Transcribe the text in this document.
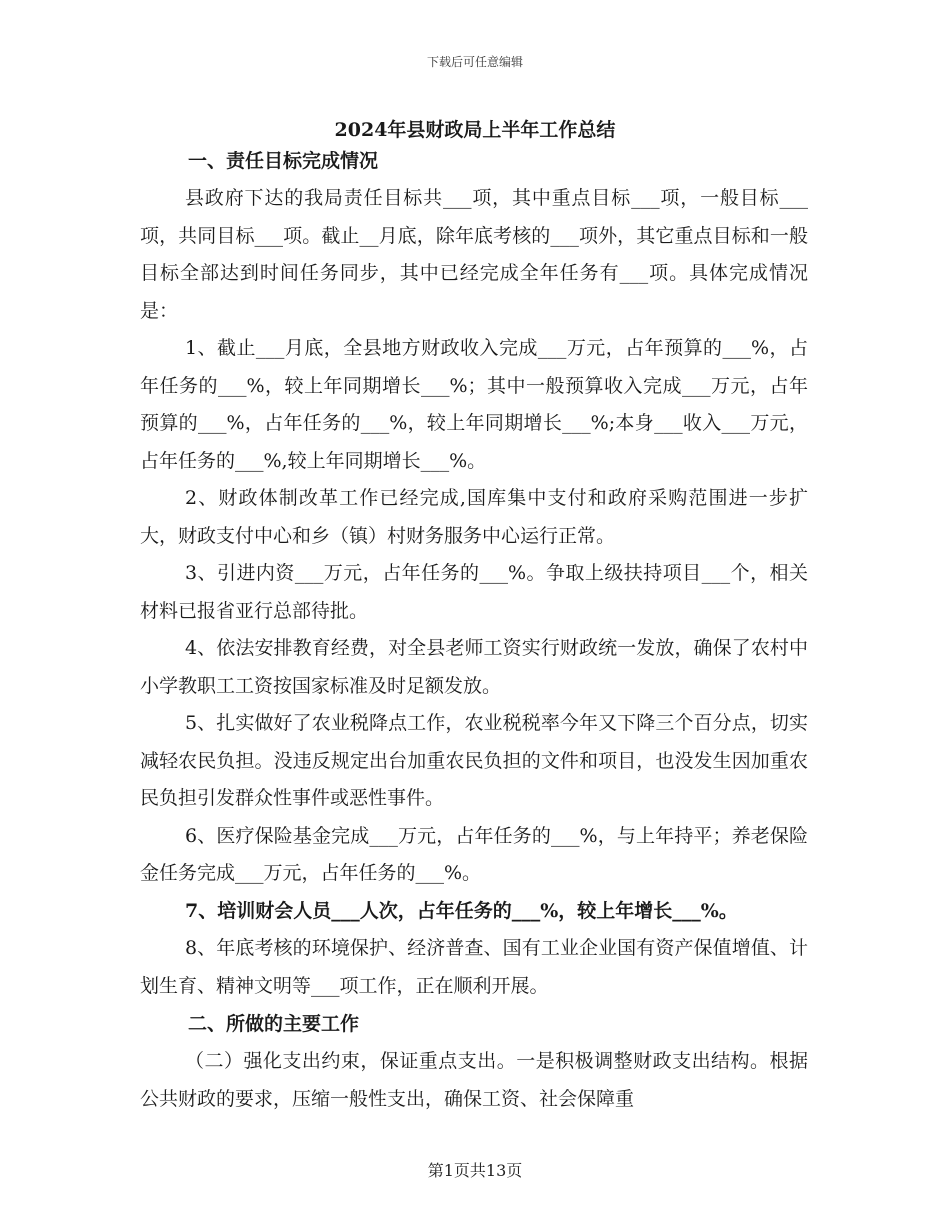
下载后可任意编辑
2024年县财政局上半年工作总结
一、责任目标完成情况

县政府下达的我局责任目标共___项，其中重点目标___项，一般目标___项，共同目标___项。截止__月底，除年底考核的___项外，其它重点目标和一般目标全部达到时间任务同步，其中已经完成全年任务有___项。具体完成情况是：

1、截止___月底，全县地方财政收入完成___万元，占年预算的___%，占年任务的___%，较上年同期增长___%；其中一般预算收入完成___万元，占年预算的___%，占年任务的___%，较上年同期增长___%;本身___收入___万元，占年任务的___%,较上年同期增长___%。

2、财政体制改革工作已经完成,国库集中支付和政府采购范围进一步扩大，财政支付中心和乡（镇）村财务服务中心运行正常。

3、引进内资___万元，占年任务的___%。争取上级扶持项目___个，相关材料已报省亚行总部待批。

4、依法安排教育经费，对全县老师工资实行财政统一发放，确保了农村中小学教职工工资按国家标准及时足额发放。

5、扎实做好了农业税降点工作，农业税税率今年又下降三个百分点，切实减轻农民负担。没违反规定出台加重农民负担的文件和项目，也没发生因加重农民负担引发群众性事件或恶性事件。

6、医疗保险基金完成___万元，占年任务的___%，与上年持平；养老保险金任务完成___万元，占年任务的___%。

7、培训财会人员___人次，占年任务的___%，较上年增长___%。

8、年底考核的环境保护、经济普查、国有工业企业国有资产保值增值、计划生育、精神文明等___项工作，正在顺利开展。

二、所做的主要工作

（二）强化支出约束，保证重点支出。一是积极调整财政支出结构。根据公共财政的要求，压缩一般性支出，确保工资、社会保障重

第1页共13页
